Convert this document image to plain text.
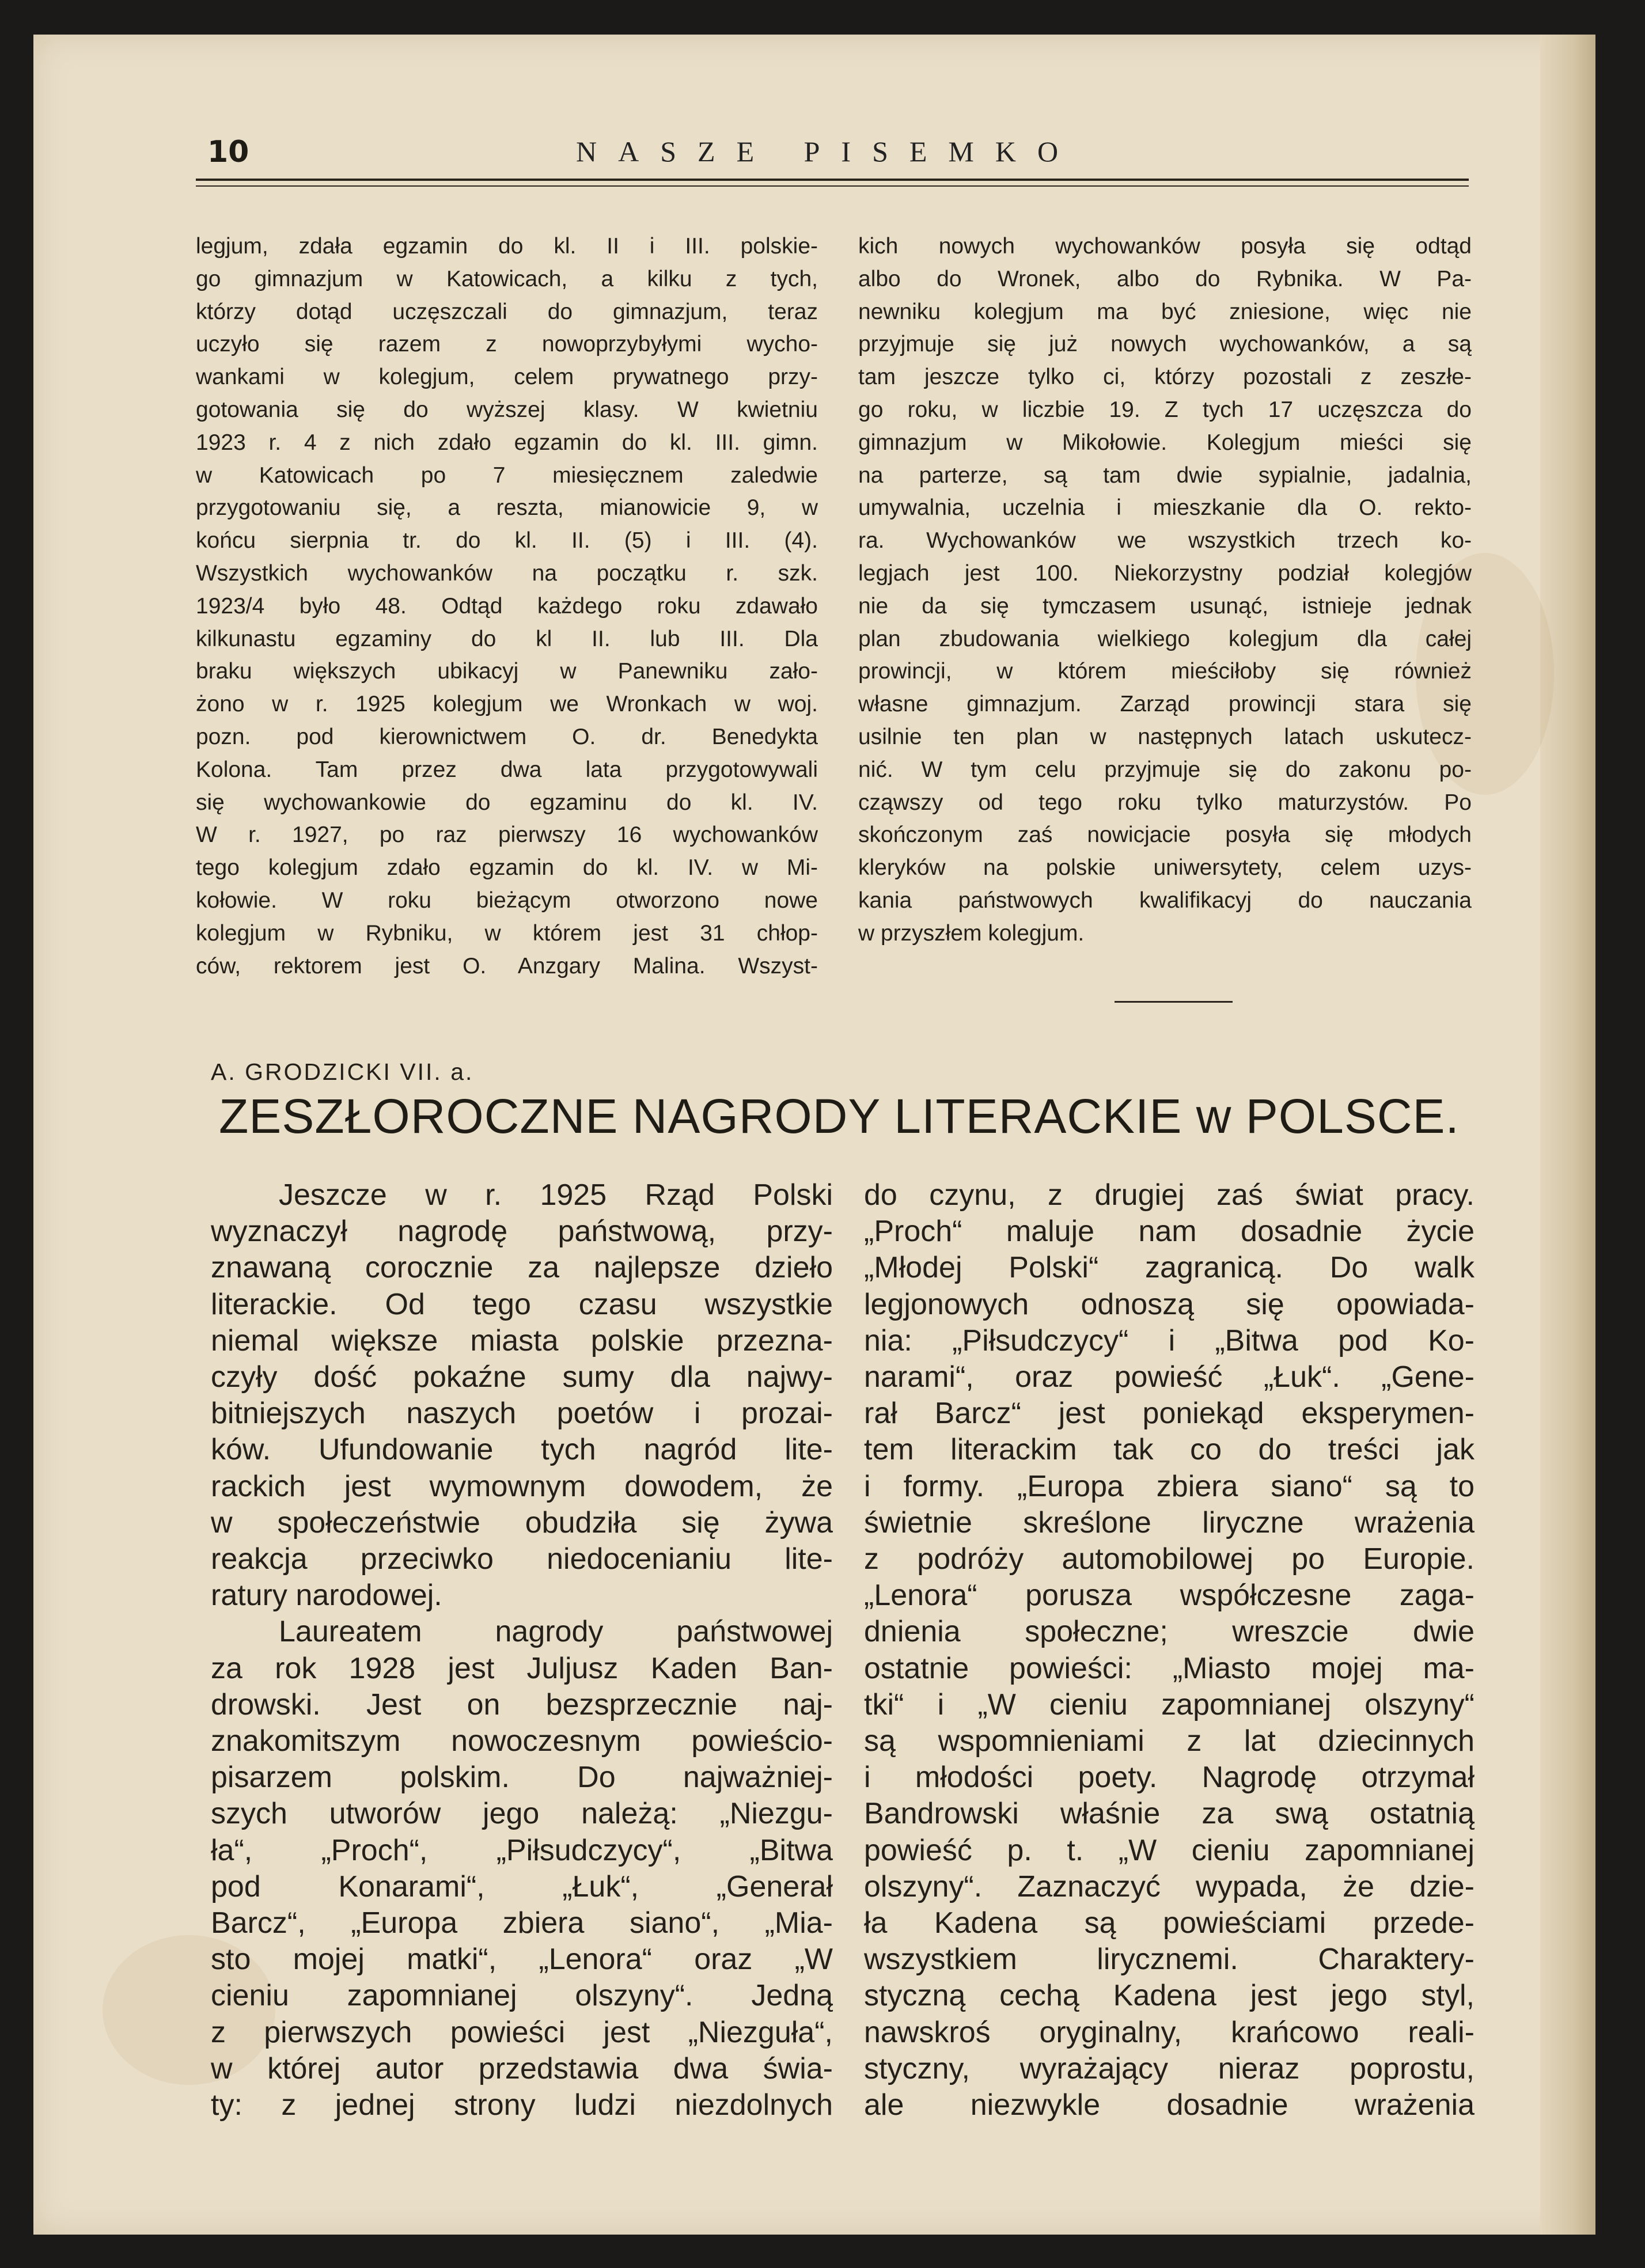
10	NASZE PISEMKO

legjum, zdała egzamin do kl. II i III. polskie-

go gimnazjum w Katowicach, a kilku z tych,

którzy dotąd uczęszczali do gimnazjum, teraz

uczyło się razem z nowoprzybyłymi wycho-

wankami w kolegjum, celem prywatnego przy-

gotowania się do wyższej klasy. W kwietniu

1923 r. 4 z nich zdało egzamin do kl. III. gimn.

w Katowicach po 7 miesięcznem zaledwie

przygotowaniu się, a reszta, mianowicie 9, w

końcu sierpnia tr. do kl. II. (5) i III. (4).

Wszystkich wychowanków na początku r. szk.

1923/4 było 48. Odtąd każdego roku zdawało

kilkunastu egzaminy do kl II. lub III. Dla

braku większych ubikacyj w Panewniku zało-

żono w r. 1925 kolegjum we Wronkach w woj.

pozn. pod kierownictwem O. dr. Benedykta

Kolona. Tam przez dwa lata przygotowywali

się wychowankowie do egzaminu do kl. IV.

W r. 1927, po raz pierwszy 16 wychowanków

tego kolegjum zdało egzamin do kl. IV. w Mi-

kołowie. W roku bieżącym otworzono nowe

kolegjum w Rybniku, w którem jest 31 chłop-

ców, rektorem jest O. Anzgary Malina. Wszyst-

kich nowych wychowanków posyła się odtąd

albo do Wronek, albo do Rybnika. W Pa-

newniku kolegjum ma być zniesione, więc nie

przyjmuje się już nowych wychowanków, a są

tam jeszcze tylko ci, którzy pozostali z zeszłe-

go roku, w liczbie 19. Z tych 17 uczęszcza do

gimnazjum w Mikołowie. Kolegjum mieści się

na parterze, są tam dwie sypialnie, jadalnia,

umywalnia, uczelnia i mieszkanie dla O. rekto-

ra. Wychowanków we wszystkich trzech ko-

legjach jest 100. Niekorzystny podział kolegjów

nie da się tymczasem usunąć, istnieje jednak

plan zbudowania wielkiego kolegjum dla całej

prowincji, w którem mieściłoby się również

własne gimnazjum. Zarząd prowincji stara się

usilnie ten plan w następnych latach uskutecz-

nić. W tym celu przyjmuje się do zakonu po-

cząwszy od tego roku tylko maturzystów. Po

skończonym zaś nowicjacie posyła się młodych

kleryków na polskie uniwersytety, celem uzys-

kania państwowych kwalifikacyj do nauczania

w przyszłem kolegjum.

A. GRODZICKI VII. a.
ZESZŁOROCZNE NAGRODY LITERACKIE w POLSCE.

Jeszcze w r. 1925 Rząd Polski

wyznaczył nagrodę państwową, przy-

znawaną corocznie za najlepsze dzieło

literackie. Od tego czasu wszystkie

niemal większe miasta polskie przezna-

czyły dość pokaźne sumy dla najwy-

bitniejszych naszych poetów i prozai-

ków. Ufundowanie tych nagród lite-

rackich jest wymownym dowodem, że

w społeczeństwie obudziła się żywa

reakcja przeciwko niedocenianiu lite-

ratury narodowej.

Laureatem nagrody państwowej

za rok 1928 jest Juljusz Kaden Ban-

drowski. Jest on bezsprzecznie naj-

znakomitszym nowoczesnym powieścio-

pisarzem polskim. Do najważniej-

szych utworów jego należą: „Niezgu-

ła“, „Proch“, „Piłsudczycy“, „Bitwa

pod Konarami“, „Łuk“, „Generał

Barcz“, „Europa zbiera siano“, „Mia-

sto mojej matki“, „Lenora“ oraz „W

cieniu zapomnianej olszyny“. Jedną

z pierwszych powieści jest „Niezguła“,

w której autor przedstawia dwa świa-

ty: z jednej strony ludzi niezdolnych

do czynu, z drugiej zaś świat pracy.

„Proch“ maluje nam dosadnie życie

„Młodej Polski“ zagranicą. Do walk

legjonowych odnoszą się opowiada-

nia: „Piłsudczycy“ i „Bitwa pod Ko-

narami“, oraz powieść „Łuk“. „Gene-

rał Barcz“ jest poniekąd eksperymen-

tem literackim tak co do treści jak

i formy. „Europa zbiera siano“ są to

świetnie skreślone liryczne wrażenia

z podróży automobilowej po Europie.

„Lenora“ porusza współczesne zaga-

dnienia społeczne; wreszcie dwie

ostatnie powieści: „Miasto mojej ma-

tki“ i „W cieniu zapomnianej olszyny“

są wspomnieniami z lat dziecinnych

i młodości poety. Nagrodę otrzymał

Bandrowski właśnie za swą ostatnią

powieść p. t. „W cieniu zapomnianej

olszyny“. Zaznaczyć wypada, że dzie-

ła Kadena są powieściami przede-

wszystkiem lirycznemi. Charaktery-

styczną cechą Kadena jest jego styl,

nawskroś oryginalny, krańcowo reali-

styczny, wyrażający nieraz poprostu,

ale niezwykle dosadnie wrażenia
